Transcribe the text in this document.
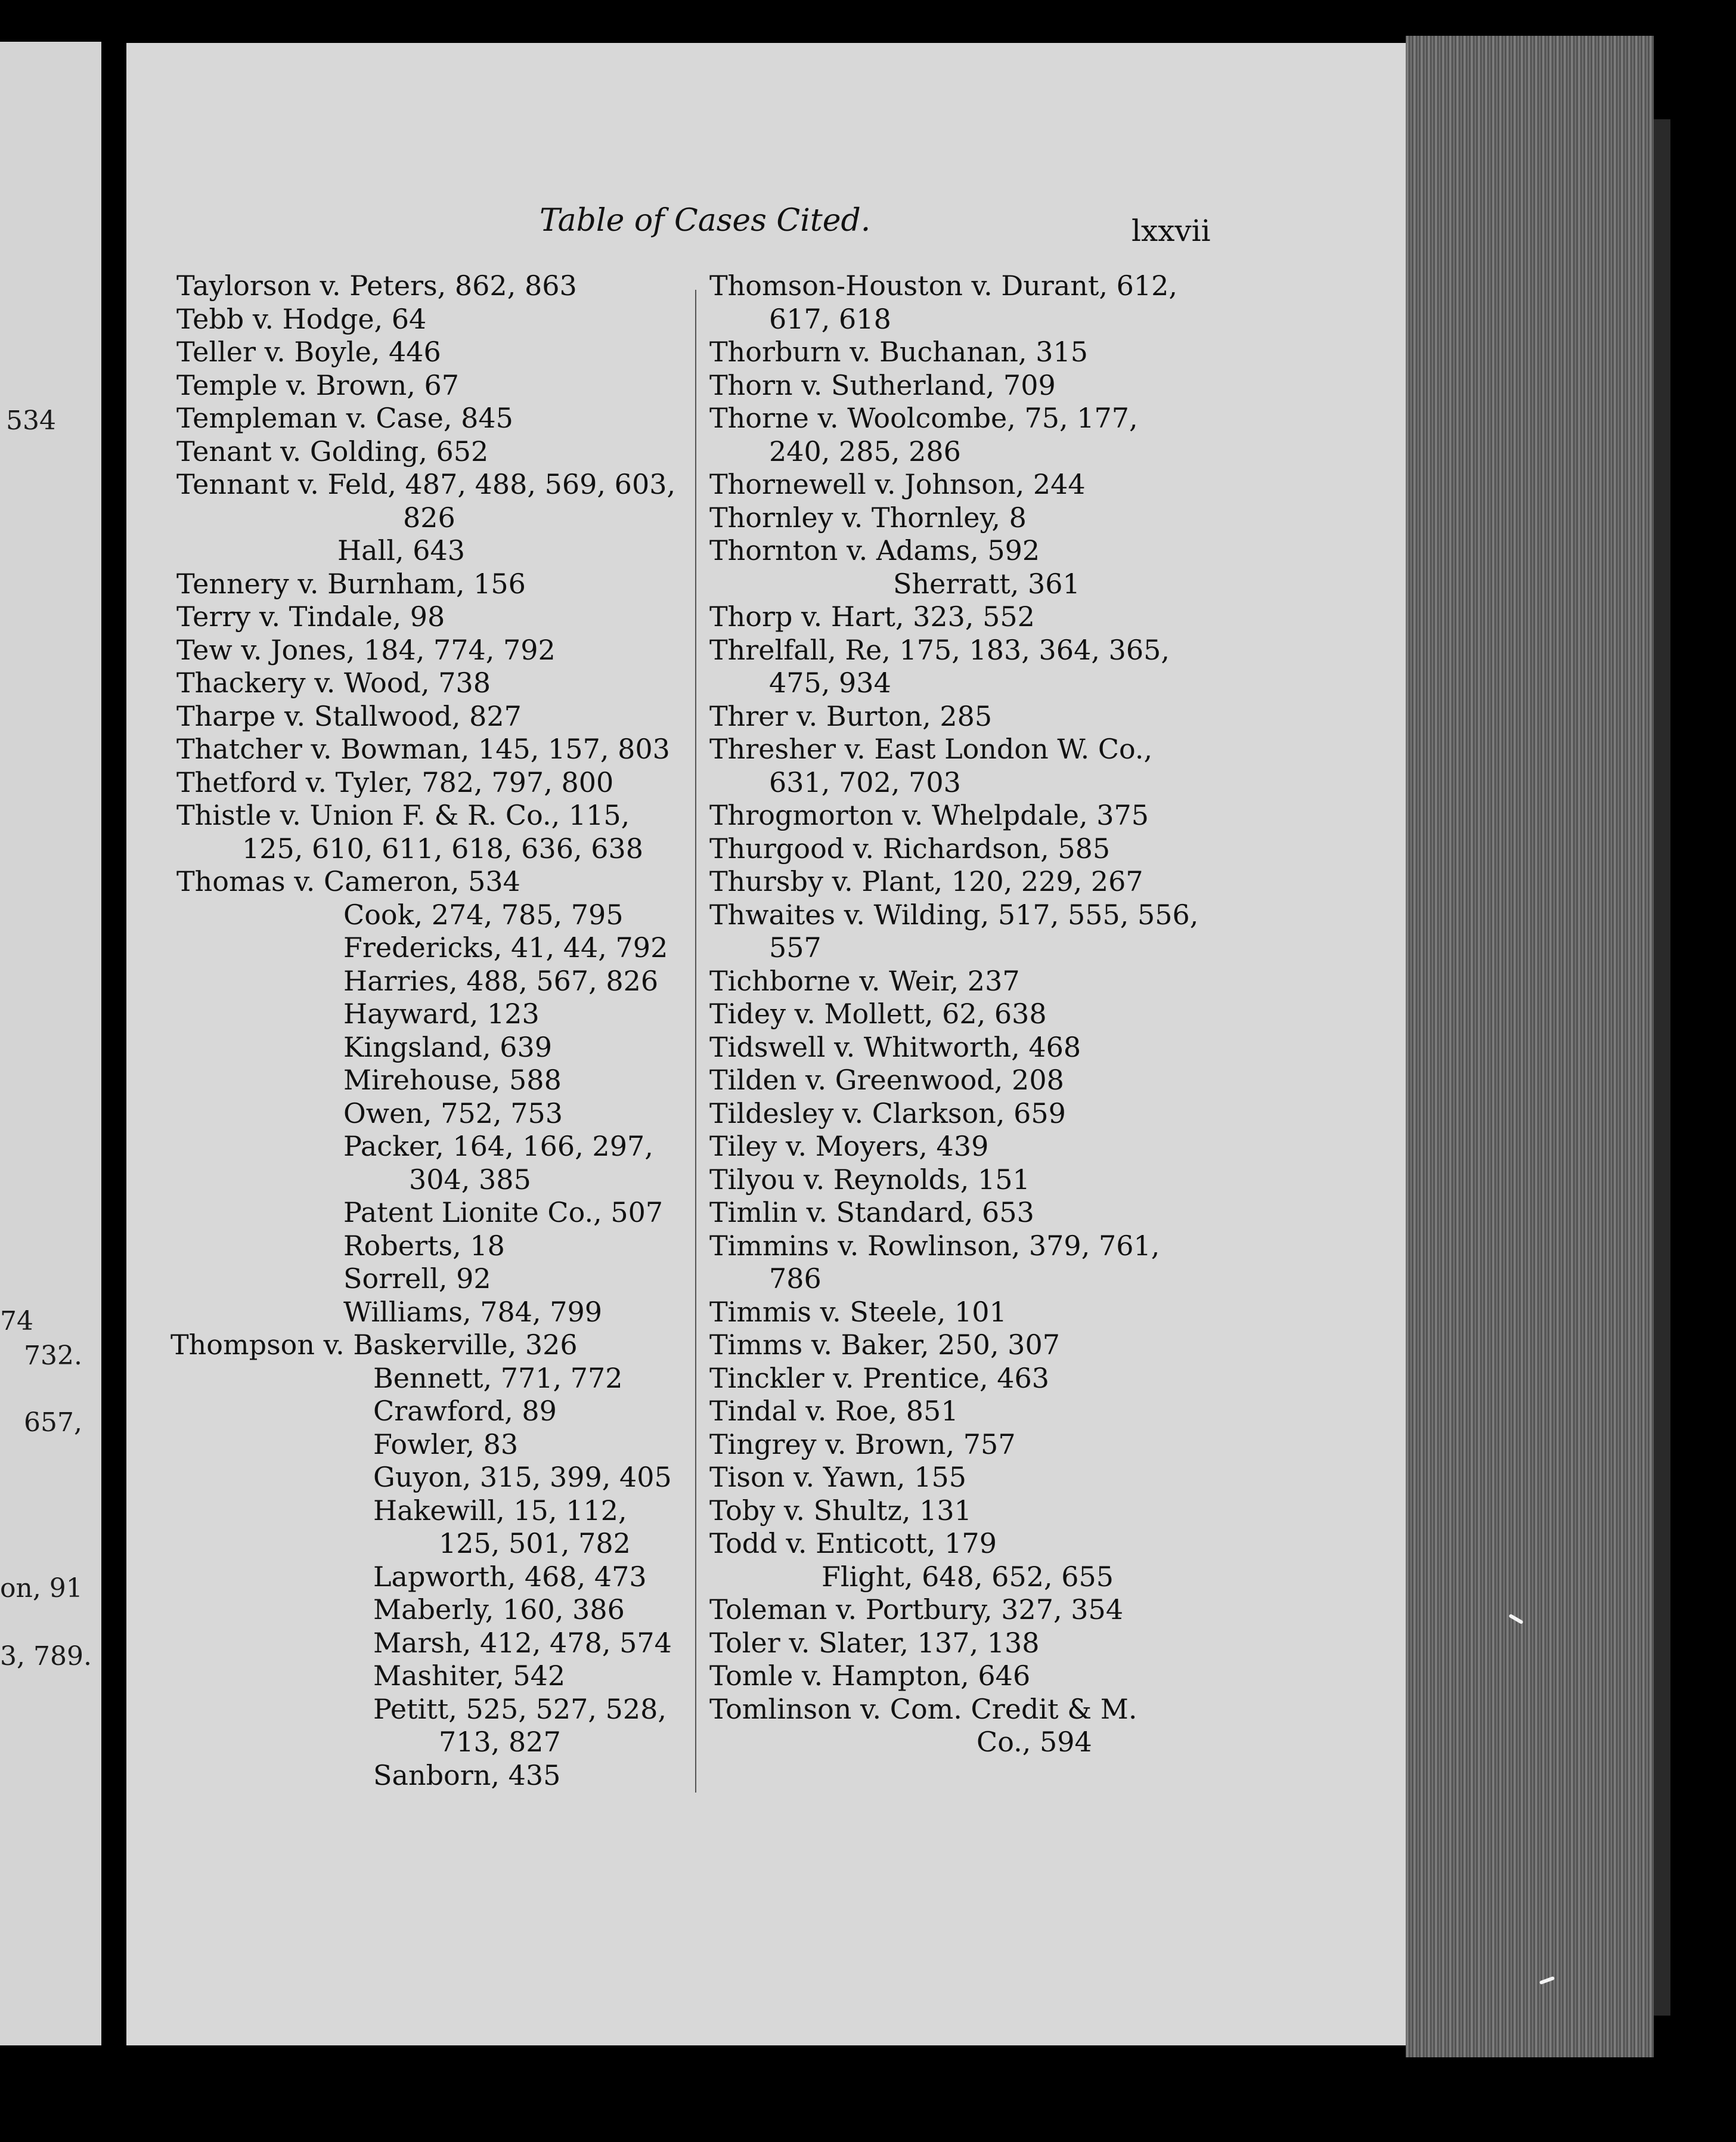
534
74
732.
657,
on, 91
3, 789.
Table of Cases Cited.	lxxvii
Taylorson v. Peters, 862, 863
Tebb v. Hodge, 64
Teller v. Boyle, 446
Temple v. Brown, 67
Templeman v. Case, 845
Tenant v. Golding, 652
Tennant v. Feld, 487, 488, 569, 603,
826
Hall, 643
Tennery v. Burnham, 156
Terry v. Tindale, 98
Tew v. Jones, 184, 774, 792
Thackery v. Wood, 738
Tharpe v. Stallwood, 827
Thatcher v. Bowman, 145, 157, 803
Thetford v. Tyler, 782, 797, 800
Thistle v. Union F. & R. Co., 115,
125, 610, 611, 618, 636, 638
Thomas v. Cameron, 534
Cook, 274, 785, 795
Fredericks, 41, 44, 792
Harries, 488, 567, 826
Hayward, 123
Kingsland, 639
Mirehouse, 588
Owen, 752, 753
Packer, 164, 166, 297,
304, 385
Patent Lionite Co., 507
Roberts, 18
Sorrell, 92
Williams, 784, 799
Thompson v. Baskerville, 326
Bennett, 771, 772
Crawford, 89
Fowler, 83
Guyon, 315, 399, 405
Hakewill, 15, 112,
125, 501, 782
Lapworth, 468, 473
Maberly, 160, 386
Marsh, 412, 478, 574
Mashiter, 542
Petitt, 525, 527, 528,
713, 827
Sanborn, 435
Thomson-Houston v. Durant, 612,
617, 618
Thorburn v. Buchanan, 315
Thorn v. Sutherland, 709
Thorne v. Woolcombe, 75, 177,
240, 285, 286
Thornewell v. Johnson, 244
Thornley v. Thornley, 8
Thornton v. Adams, 592
Sherratt, 361
Thorp v. Hart, 323, 552
Threlfall, Re, 175, 183, 364, 365,
475, 934
Threr v. Burton, 285
Thresher v. East London W. Co.,
631, 702, 703
Throgmorton v. Whelpdale, 375
Thurgood v. Richardson, 585
Thursby v. Plant, 120, 229, 267
Thwaites v. Wilding, 517, 555, 556,
557
Tichborne v. Weir, 237
Tidey v. Mollett, 62, 638
Tidswell v. Whitworth, 468
Tilden v. Greenwood, 208
Tildesley v. Clarkson, 659
Tiley v. Moyers, 439
Tilyou v. Reynolds, 151
Timlin v. Standard, 653
Timmins v. Rowlinson, 379, 761,
786
Timmis v. Steele, 101
Timms v. Baker, 250, 307
Tinckler v. Prentice, 463
Tindal v. Roe, 851
Tingrey v. Brown, 757
Tison v. Yawn, 155
Toby v. Shultz, 131
Todd v. Enticott, 179
Flight, 648, 652, 655
Toleman v. Portbury, 327, 354
Toler v. Slater, 137, 138
Tomle v. Hampton, 646
Tomlinson v. Com. Credit & M.
Co., 594
